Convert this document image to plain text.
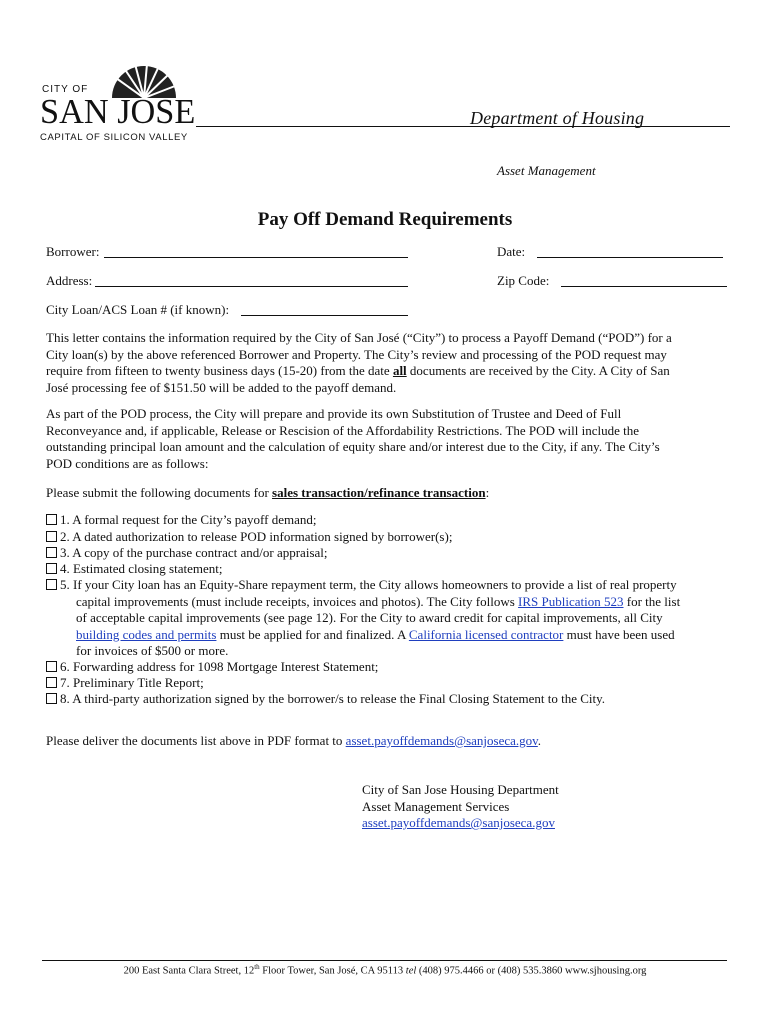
CITY OF
SAN JOSE
CAPITAL OF SILICON VALLEY
Department of Housing
Asset Management
Pay Off Demand Requirements
Borrower:	Date:
Address:	Zip Code:
City Loan/ACS Loan # (if known):
This letter contains the information required by the City of San José (“City”) to process a Payoff Demand (“POD”) for a
City loan(s) by the above referenced Borrower and Property. The City’s review and processing of the POD request may
require from fifteen to twenty business days (15-20) from the date all documents are received by the City. A City of San
José processing fee of $151.50 will be added to the payoff demand.
As part of the POD process, the City will prepare and provide its own Substitution of Trustee and Deed of Full
Reconveyance and, if applicable, Release or Rescision of the Affordability Restrictions. The POD will include the
outstanding principal loan amount and the calculation of equity share and/or interest due to the City, if any. The City’s
POD conditions are as follows:
Please submit the following documents for sales transaction/refinance transaction:
1. A formal request for the City’s payoff demand;
2. A dated authorization to release POD information signed by borrower(s);
3. A copy of the purchase contract and/or appraisal;
4. Estimated closing statement;
5. If your City loan has an Equity-Share repayment term, the City allows homeowners to provide a list of real property
capital improvements (must include receipts, invoices and photos). The City follows IRS Publication 523 for the list
of acceptable capital improvements (see page 12). For the City to award credit for capital improvements, all City
building codes and permits must be applied for and finalized. A California licensed contractor must have been used
for invoices of $500 or more.
6. Forwarding address for 1098 Mortgage Interest Statement;
7. Preliminary Title Report;
8. A third-party authorization signed by the borrower/s to release the Final Closing Statement to the City.
Please deliver the documents list above in PDF format to asset.payoffdemands@sanjoseca.gov.
City of San Jose Housing Department
Asset Management Services
asset.payoffdemands@sanjoseca.gov
200 East Santa Clara Street, 12th Floor Tower, San José, CA 95113 tel (408) 975.4466 or (408) 535.3860 www.sjhousing.org
